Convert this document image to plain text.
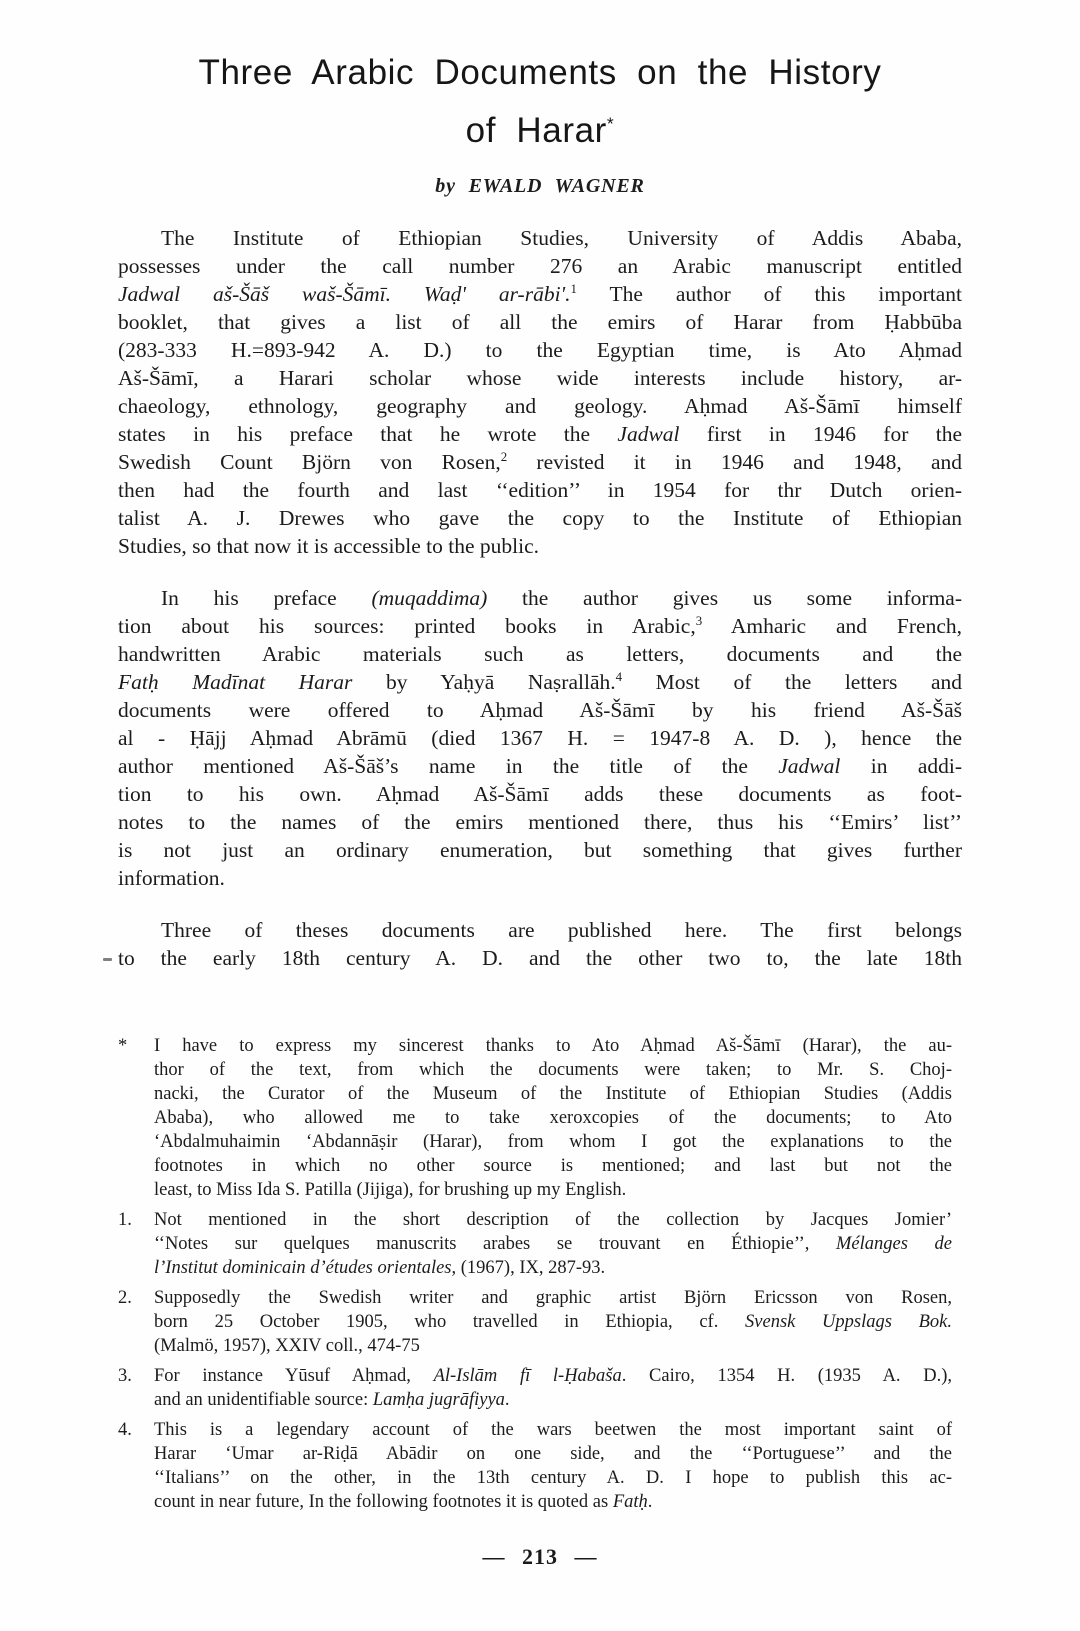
Three Arabic Documents on the History
of Harar*
by EWALD WAGNER
The Institute of Ethiopian Studies, University of Addis Ababa,
possesses under the call number 276 an Arabic manuscript entitled
Jadwal aš-Šāš waš-Šāmī. Waḍ' ar-rābi'.$^1$ The author of this important
booklet, that gives a list of all the emirs of Harar from Ḥabbūba
(283-333 H.=893-942 A. D.) to the Egyptian time, is Ato Aḥmad
Aš-Šāmī, a Harari scholar whose wide interests include history, ar-
chaeology, ethnology, geography and geology. Aḥmad Aš-Šāmī himself
states in his preface that he wrote the Jadwal first in 1946 for the
Swedish Count Björn von Rosen,$^2$ revisted it in 1946 and 1948, and
then had the fourth and last ‘‘edition’’ in 1954 for thr Dutch orien-
talist A. J. Drewes who gave the copy to the Institute of Ethiopian
Studies, so that now it is accessible to the public.
In his preface (muqaddima) the author gives us some informa-
tion about his sources: printed books in Arabic,$^3$ Amharic and French,
handwritten Arabic materials such as letters, documents and the
Fatḥ Madīnat Harar by Yaḥyā Naṣrallāh.$^4$ Most of the letters and
documents were offered to Aḥmad Aš-Šāmī by his friend Aš-Šāš
al - Ḥājj Aḥmad Abrāmū (died 1367 H. = 1947-8 A. D. ), hence the
author mentioned Aš-Šāš’s name in the title of the Jadwal in addi-
tion to his own. Aḥmad Aš-Šāmī adds these documents as foot-
notes to the names of the emirs mentioned there, thus his ‘‘Emirs’ list’’
is not just an ordinary enumeration, but something that gives further
information.
Three of theses documents are published here. The first belongs
to the early 18th century A. D. and the other two to, the late 18th
*	I have to express my sincerest thanks to Ato Aḥmad Aš-Šāmī (Harar), the au-
thor of the text, from which the documents were taken; to Mr. S. Choj-
nacki, the Curator of the Museum of the Institute of Ethiopian Studies (Addis
Ababa), who allowed me to take xeroxcopies of the documents; to Ato
‘Abdalmuhaimin ‘Abdannāṣir (Harar), from whom I got the explanations to the
footnotes in which no other source is mentioned; and last but not the
least, to Miss Ida S. Patilla (Jijiga), for brushing up my English.
1.	Not mentioned in the short description of the collection by Jacques Jomier’
‘‘Notes sur quelques manuscrits arabes se trouvant en Éthiopie’’, Mélanges de
l’Institut dominicain d’études orientales, (1967), IX, 287-93.
2.	Supposedly the Swedish writer and graphic artist Björn Ericsson von Rosen,
born 25 October 1905, who travelled in Ethiopia, cf. Svensk Uppslags Bok.
(Malmö, 1957), XXIV coll., 474-75
3.	For instance Yūsuf Aḥmad, Al-Islām fī l-Ḥabaša. Cairo, 1354 H. (1935 A. D.),
and an unidentifiable source: Lamḥa jugrāfiyya.
4.	This is a legendary account of the wars beetwen the most important saint of
Harar ‘Umar ar-Riḍā Abādir on one side, and the ‘‘Portuguese’’ and the
‘‘Italians’’ on the other, in the 13th century A. D. I hope to publish this ac-
count in near future, In the following footnotes it is quoted as Fatḥ.
— 213 —
